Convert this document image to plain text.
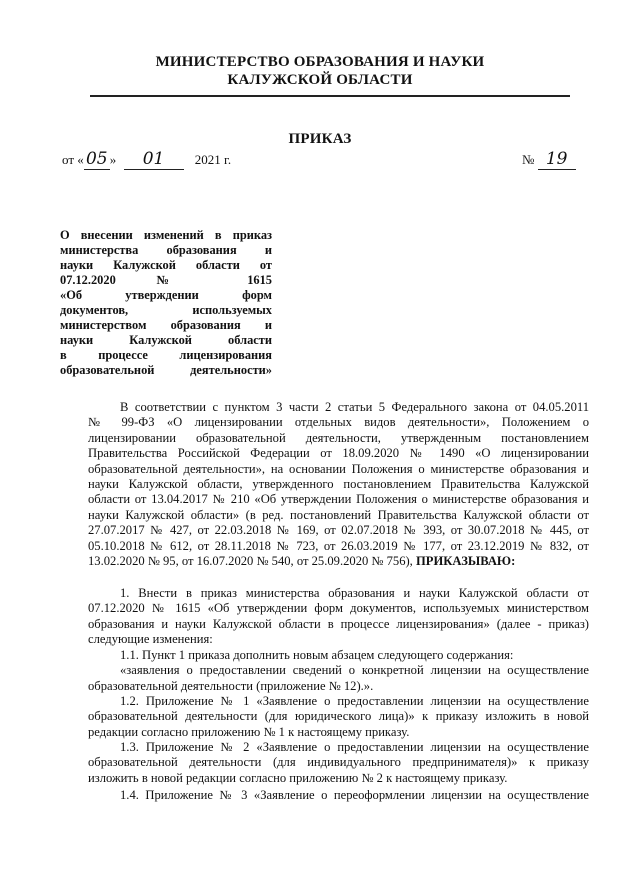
МИНИСТЕРСТВО ОБРАЗОВАНИЯ И НАУКИ
КАЛУЖСКОЙ ОБЛАСТИ
ПРИКАЗ
от « 05 » 01 2021 г.	№ 19
О внесении изменений в приказ
министерства образования и
науки Калужской области от
07.12.2020 № 1615
«Об утверждении форм
документов, используемых
министерством образования и
науки Калужской области
в процессе лицензирования
образовательной деятельности»
В соответствии с пунктом 3 части 2 статьи 5 Федерального закона от 04.05.2011
№ 99-ФЗ «О лицензировании отдельных видов деятельности», Положением о
лицензировании образовательной деятельности, утвержденным постановлением
Правительства Российской Федерации от 18.09.2020 № 1490 «О лицензировании
образовательной деятельности», на основании Положения о министерстве образования и
науки Калужской области, утвержденного постановлением Правительства Калужской
области от 13.04.2017 № 210 «Об утверждении Положения о министерстве образования и
науки Калужской области» (в ред. постановлений Правительства Калужской области от
27.07.2017 № 427, от 22.03.2018 № 169, от 02.07.2018 № 393, от 30.07.2018 № 445, от
05.10.2018 № 612, от 28.11.2018 № 723, от 26.03.2019 № 177, от 23.12.2019 № 832, от
13.02.2020 № 95, от 16.07.2020 № 540, от 25.09.2020 № 756), ПРИКАЗЫВАЮ:
1. Внести в приказ министерства образования и науки Калужской области от
07.12.2020 № 1615 «Об утверждении форм документов, используемых министерством
образования и науки Калужской области в процессе лицензирования» (далее - приказ)
следующие изменения:
1.1. Пункт 1 приказа дополнить новым абзацем следующего содержания:
«заявления о предоставлении сведений о конкретной лицензии на осуществление
образовательной деятельности (приложение № 12).».
1.2. Приложение № 1 «Заявление о предоставлении лицензии на осуществление
образовательной деятельности (для юридического лица)» к приказу изложить в новой
редакции согласно приложению № 1 к настоящему приказу.
1.3. Приложение № 2 «Заявление о предоставлении лицензии на осуществление
образовательной деятельности (для индивидуального предпринимателя)» к приказу
изложить в новой редакции согласно приложению № 2 к настоящему приказу.
1.4. Приложение № 3 «Заявление о переоформлении лицензии на осуществление
